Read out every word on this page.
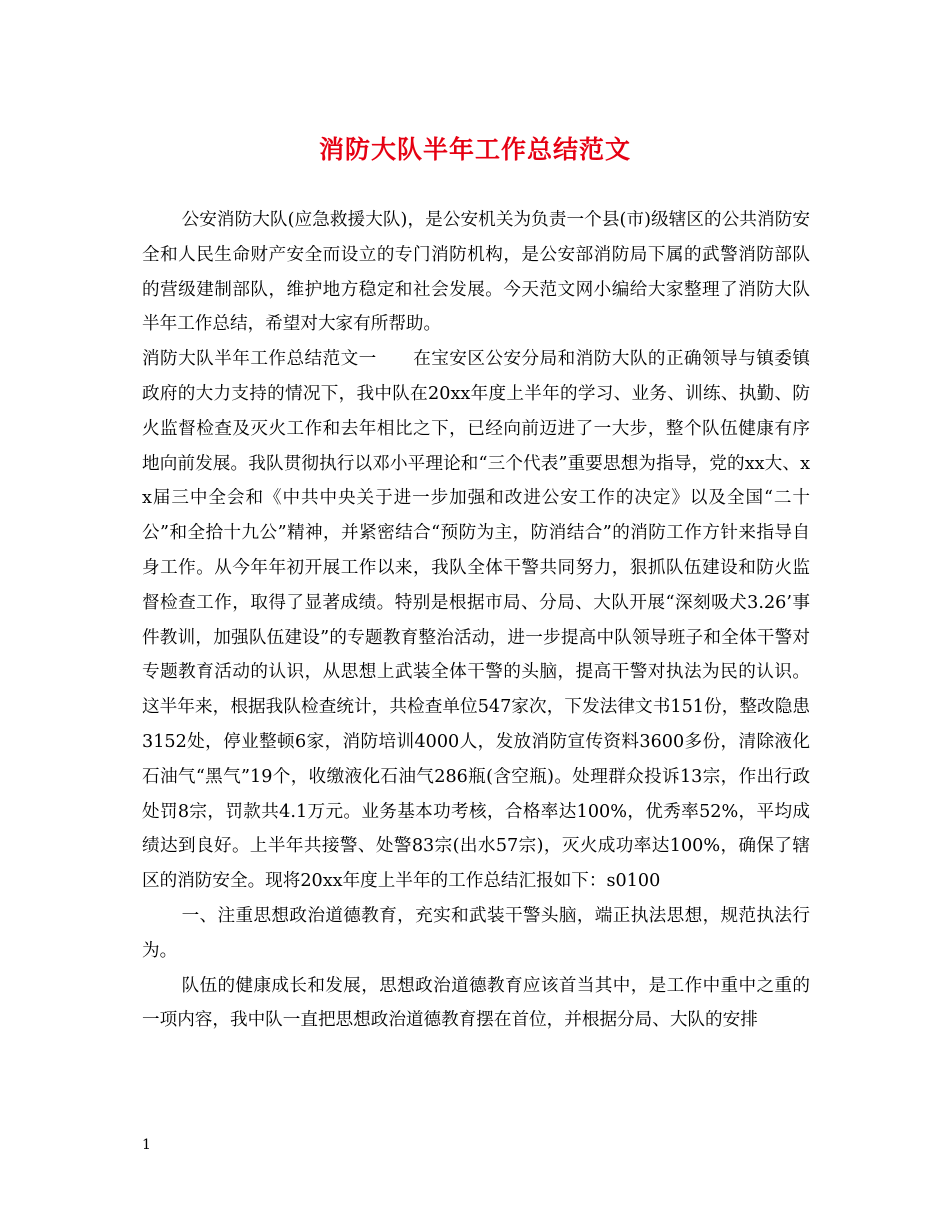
消防大队半年工作总结范文

公安消防大队(应急救援大队)，是公安机关为负责一个县(市)级辖区的公共消防安全和人民生命财产安全而设立的专门消防机构，是公安部消防局下属的武警消防部队的营级建制部队，维护地方稳定和社会发展。今天范文网小编给大家整理了消防大队半年工作总结，希望对大家有所帮助。

消防大队半年工作总结范文一 在宝安区公安分局和消防大队的正确领导与镇委镇政府的大力支持的情况下，我中队在20xx年度上半年的学习、业务、训练、执勤、防火监督检查及灭火工作和去年相比之下，已经向前迈进了一大步，整个队伍健康有序地向前发展。我队贯彻执行以邓小平理论和“三个代表”重要思想为指导，党的xx大、xx届三中全会和《中共中央关于进一步加强和改进公安工作的决定》以及全国“二十公”和全拾十九公”精神，并紧密结合“预防为主，防消结合”的消防工作方针来指导自身工作。从今年年初开展工作以来，我队全体干警共同努力，狠抓队伍建设和防火监督检查工作，取得了显著成绩。特别是根据市局、分局、大队开展“深刻吸犬3.26’事件教训，加强队伍建设”的专题教育整治活动，进一步提高中队领导班子和全体干警对专题教育活动的认识，从思想上武装全体干警的头脑，提高干警对执法为民的认识。这半年来，根据我队检查统计，共检查单位547家次，下发法律文书151份，整改隐患3152处，停业整顿6家，消防培训4000人，发放消防宣传资料3600多份，清除液化石油气“黑气”19个，收缴液化石油气286瓶(含空瓶)。处理群众投诉13宗，作出行政处罚8宗，罚款共4.1万元。业务基本功考核，合格率达100%，优秀率52%，平均成绩达到良好。上半年共接警、处警83宗(出水57宗)，灭火成功率达100%，确保了辖区的消防安全。现将20xx年度上半年的工作总结汇报如下：s0100

一、注重思想政治道德教育，充实和武装干警头脑，端正执法思想，规范执法行为。

队伍的健康成长和发展，思想政治道德教育应该首当其中，是工作中重中之重的一项内容，我中队一直把思想政治道德教育摆在首位，并根据分局、大队的安排

1
